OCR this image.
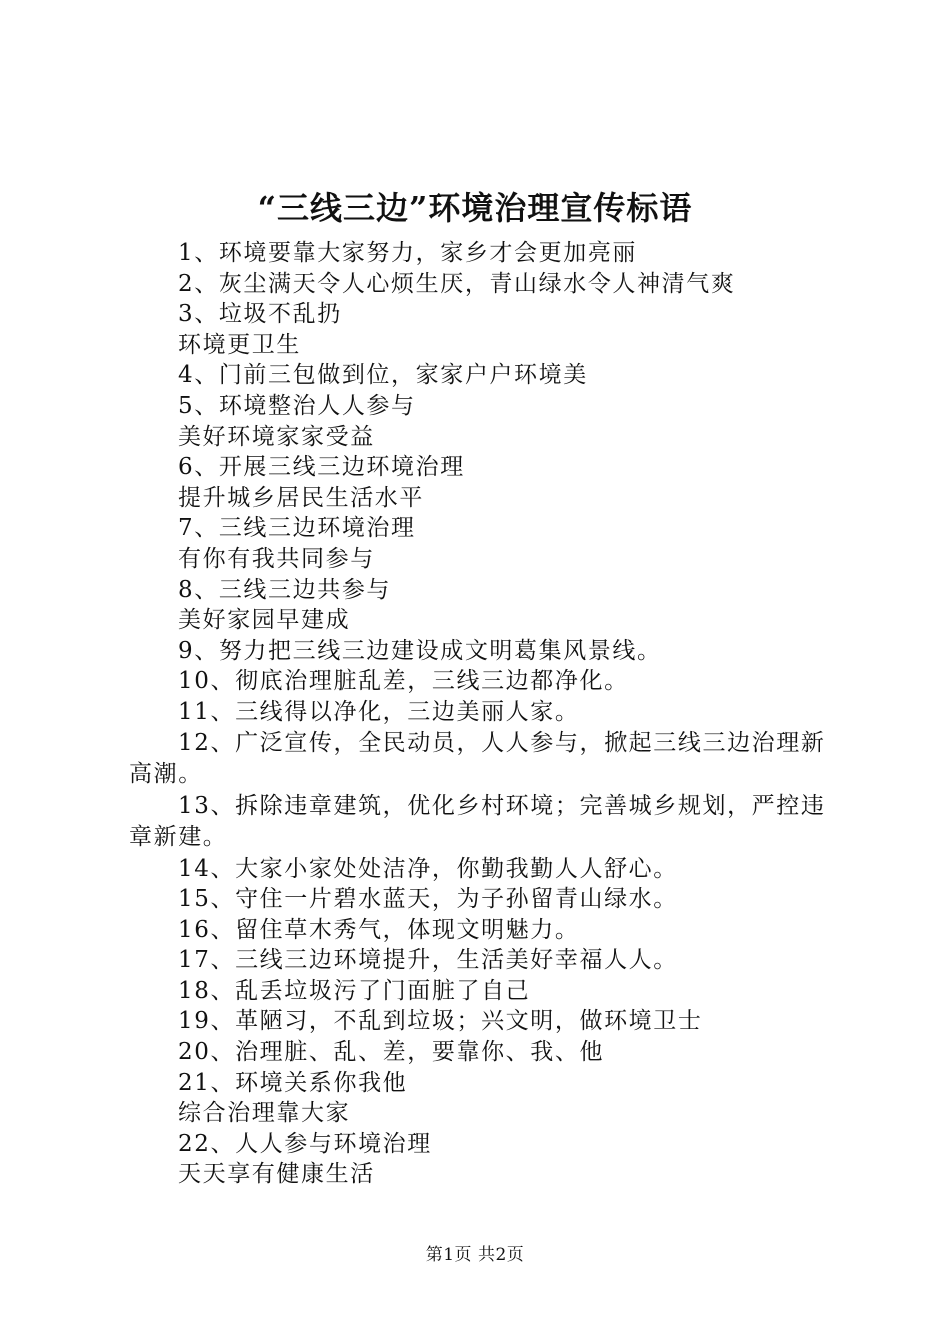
“三线三边”环境治理宣传标语
1、环境要靠大家努力，家乡才会更加亮丽
2、灰尘满天令人心烦生厌，青山绿水令人神清气爽
3、垃圾不乱扔
环境更卫生
4、门前三包做到位，家家户户环境美
5、环境整治人人参与
美好环境家家受益
6、开展三线三边环境治理
提升城乡居民生活水平
7、三线三边环境治理
有你有我共同参与
8、三线三边共参与
美好家园早建成
9、努力把三线三边建设成文明葛集风景线。
10、彻底治理脏乱差，三线三边都净化。
11、三线得以净化，三边美丽人家。
12、广泛宣传，全民动员，人人参与，掀起三线三边治理新高潮。
13、拆除违章建筑，优化乡村环境；完善城乡规划，严控违章新建。
14、大家小家处处洁净，你勤我勤人人舒心。
15、守住一片碧水蓝天，为子孙留青山绿水。
16、留住草木秀气，体现文明魅力。
17、三线三边环境提升，生活美好幸福人人。
18、乱丢垃圾污了门面脏了自己
19、革陋习，不乱到垃圾；兴文明，做环境卫士
20、治理脏、乱、差，要靠你、我、他
21、环境关系你我他
综合治理靠大家
22、人人参与环境治理
天天享有健康生活
第1页 共2页
